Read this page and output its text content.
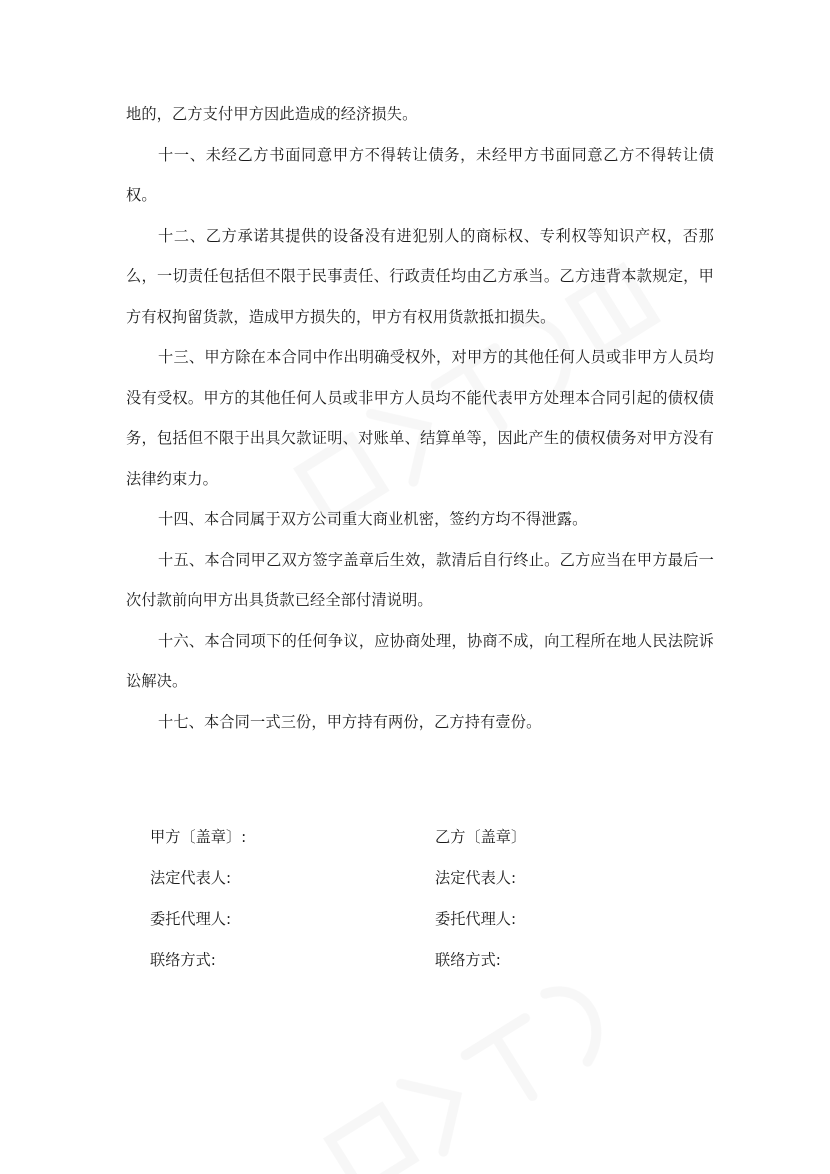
地的，乙方支付甲方因此造成的经济损失。

十一、未经乙方书面同意甲方不得转让债务，未经甲方书面同意乙方不得转让债权。

十二、乙方承诺其提供的设备没有进犯别人的商标权、专利权等知识产权，否那么，一切责任包括但不限于民事责任、行政责任均由乙方承当。乙方违背本款规定，甲方有权拘留货款，造成甲方损失的，甲方有权用货款抵扣损失。

十三、甲方除在本合同中作出明确受权外，对甲方的其他任何人员或非甲方人员均没有受权。甲方的其他任何人员或非甲方人员均不能代表甲方处理本合同引起的债权债务，包括但不限于出具欠款证明、对账单、结算单等，因此产生的债权债务对甲方没有法律约束力。

十四、本合同属于双方公司重大商业机密，签约方均不得泄露。

十五、本合同甲乙双方签字盖章后生效，款清后自行终止。乙方应当在甲方最后一次付款前向甲方出具货款已经全部付清说明。

十六、本合同项下的任何争议，应协商处理，协商不成，向工程所在地人民法院诉讼解决。

十七、本合同一式三份，甲方持有两份，乙方持有壹份。

甲方〔盖章〕:	乙方〔盖章〕
法定代表人:	法定代表人:
委托代理人:	委托代理人:
联络方式:	联络方式:
